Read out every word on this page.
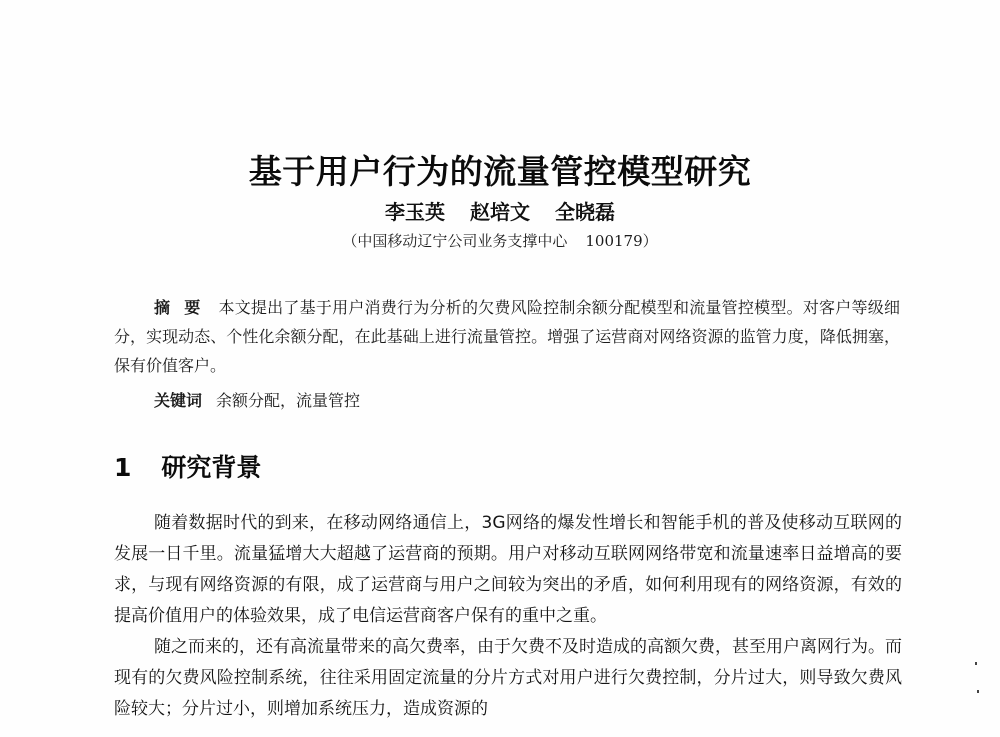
基于用户行为的流量管控模型研究
李玉英 赵培文 全晓磊
（中国移动辽宁公司业务支撑中心 100179）
摘要 本文提出了基于用户消费行为分析的欠费风险控制余额分配模型和流量管控模型。对客户等级细分，实现动态、个性化余额分配，在此基础上进行流量管控。增强了运营商对网络资源的监管力度，降低拥塞，保有价值客户。
关键词 余额分配，流量管控
1 研究背景

随着数据时代的到来，在移动网络通信上，3G网络的爆发性增长和智能手机的普及使移动互联网的发展一日千里。流量猛增大大超越了运营商的预期。用户对移动互联网网络带宽和流量速率日益增高的要求，与现有网络资源的有限，成了运营商与用户之间较为突出的矛盾，如何利用现有的网络资源，有效的提高价值用户的体验效果，成了电信运营商客户保有的重中之重。

随之而来的，还有高流量带来的高欠费率，由于欠费不及时造成的高额欠费，甚至用户离网行为。而现有的欠费风险控制系统，往往采用固定流量的分片方式对用户进行欠费控制，分片过大，则导致欠费风险较大；分片过小，则增加系统压力，造成资源的
